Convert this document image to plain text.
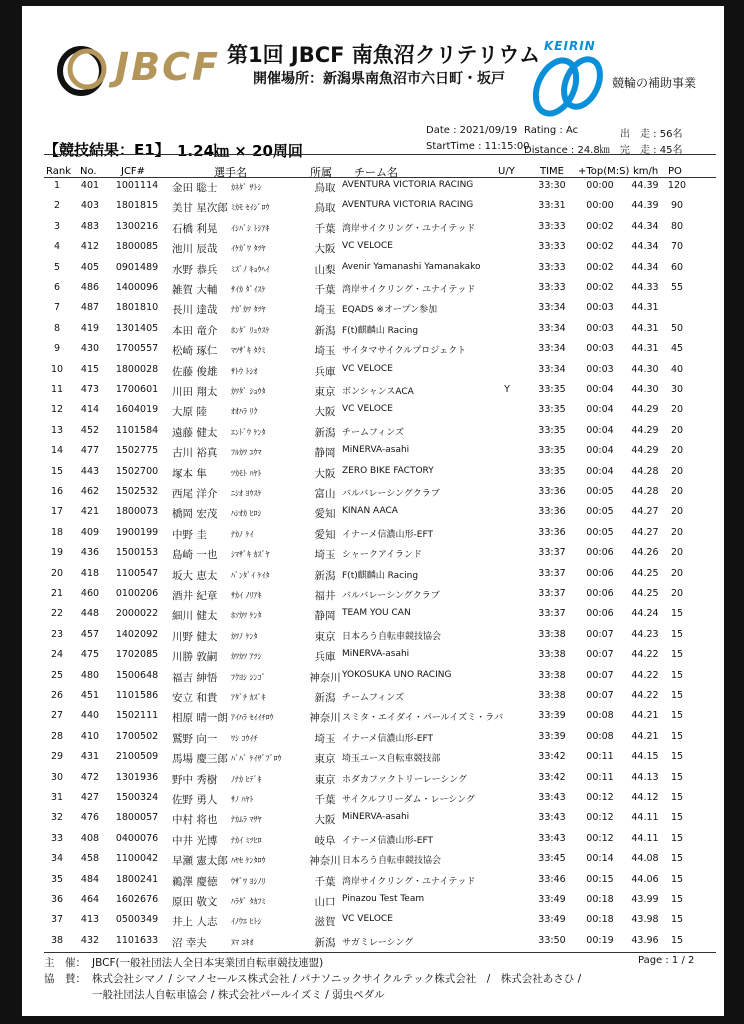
JBCF 第1回 JBCF 南魚沼クリテリウム
開催場所：新潟県南魚沼市六日町・坂戸
KEIRIN
競輪の補助事業
【競技結果：E1】 1.24㎞ × 20周回
Date : 2021/09/19 Rating : Ac
StartTime : 11:15:00
Distance : 24.8㎞
出　走 : 56名
完　走 : 45名
Rank No. JCF#	選手名	所属 チーム名	U/Y	TIME +Top(M:S) km/h PO
1	401	1001114 金田 聡士	ｶﾈﾀﾞ ｻﾄｼ	鳥取 AVENTURA VICTORIA RACING	33:30	00:00	44.39 120
2	403	1801815 美甘 星次郎 ﾐｶﾓ ｾｲｼﾞﾛｳ	鳥取 AVENTURA VICTORIA RACING	33:31	00:00	44.39	90
3	483	1300216 石橋 利晃	ｲｼﾊﾞｼ ﾄｼｱｷ	千葉 湾岸サイクリング・ユナイテッド	33:33	00:02	44.34	80
4	412	1800085 池川 辰哉	ｲｹｶﾞﾜ ﾀﾂﾔ	大阪 VC VELOCE	33:33	00:02	44.34	70
5	405	0901489 水野 恭兵	ﾐｽﾞﾉ ｷｮｳﾍｲ	山梨 Avenir Yamanashi Yamanakako	33:33	00:02	44.34	60
6	486	1400096 雑賀 大輔	ｻｲｶ ﾀﾞｲｽｹ	千葉 湾岸サイクリング・ユナイテッド	33:33	00:02	44.33	55
7	487	1801810 長川 達哉	ﾅｶﾞｶﾜ ﾀﾂﾔ	埼玉 EQADS ※オープン参加	33:34	00:03	44.31
8	419	1301405 本田 竜介	ﾎﾝﾀﾞ ﾘｭｳｽｹ	新潟 F(t)麒麟山 Racing	33:34	00:03	44.31	50
9	430	1700557 松崎 琢仁	ﾏﾂｻﾞｷ ﾀｸﾐ	埼玉 サイタマサイクルプロジェクト	33:34	00:03	44.31	45
10	415	1800028 佐藤 俊雄	ｻﾄｳ ﾄｼｵ	兵庫 VC VELOCE	33:34	00:03	44.30	40
11	473	1700601 川田 翔太	ｶﾜﾀﾞ ｼｮｳﾀ	東京 ボンシャンスACA	Y	33:35	00:04	44.30	30
12	414	1604019 大原 陸	ｵｵﾊﾗ ﾘｸ	大阪 VC VELOCE	33:35	00:04	44.29	20
13	452	1101584 遠藤 健太	ｴﾝﾄﾞｳ ｹﾝﾀ	新潟 チームフィンズ	33:35	00:04	44.29	20
14	477	1502775 古川 裕真	ﾌﾙｶﾜ ﾕｳﾏ	静岡 MiNERVA-asahi	33:35	00:04	44.29	20
15	443	1502700 塚本 隼	ﾂｶﾓﾄ ﾊﾔﾄ	大阪 ZERO BIKE FACTORY	33:35	00:04	44.28	20
16	462	1502532 西尾 洋介	ﾆｼｵ ﾖｳｽｹ	富山 バルバレーシングクラブ	33:36	00:05	44.28	20
17	421	1800073 橋岡 宏茂	ﾊｼｵｶ ﾋﾛｼ	愛知 KINAN AACA	33:36	00:05	44.27	20
18	409	1900199 中野 圭	ﾅｶﾉ ｹｲ	愛知 イナーメ信濃山形-EFT	33:36	00:05	44.27	20
19	436	1500153 島崎 一也	ｼﾏｻﾞｷ ｶｽﾞﾔ	埼玉 シャークアイランド	33:37	00:06	44.26	20
20	418	1100547 坂大 恵太	ﾊﾞﾝﾀﾞｲ ｹｲﾀ	新潟 F(t)麒麟山 Racing	33:37	00:06	44.25	20
21	460	0100206 酒井 紀章	ｻｶｲ ﾉﾘｱｷ	福井 バルバレーシングクラブ	33:37	00:06	44.25	20
22	448	2000022 細川 健太	ﾎｿｶﾜ ｹﾝﾀ	静岡 TEAM YOU CAN	33:37	00:06	44.24	15
23	457	1402092 川野 健太	ｶﾜﾉ ｹﾝﾀ	東京 日本ろう自転車競技協会	33:38	00:07	44.23	15
24	475	1702085 川勝 敦嗣	ｶﾜｶﾂ ｱﾂｼ	兵庫 MiNERVA-asahi	33:38	00:07	44.22	15
25	480	1500648 福吉 紳悟	ﾌｸﾖｼ ｼﾝｺﾞ	神奈川 YOKOSUKA UNO RACING	33:38	00:07	44.22	15
26	451	1101586 安立 和貴	ｱﾀﾞﾁ ｶｽﾞｷ	新潟 チームフィンズ	33:38	00:07	44.22	15
27	440	1502111 相原 晴一朗 ｱｲﾊﾗ ｾｲｲﾁﾛｳ	神奈川 スミタ・エイダイ・パールイズミ・ラバ	33:39	00:08	44.21	15
28	410	1700502 鷲野 向一	ﾜｼ ｺｳｲﾁ	埼玉 イナーメ信濃山形-EFT	33:39	00:08	44.21	15
29	431	2100509 馬場 慶三郎 ﾊﾞﾊﾞ ｹｲｻﾞﾌﾞﾛｳ	東京 埼玉ユース自転車競技部	33:42	00:11	44.15	15
30	472	1301936 野中 秀樹	ﾉﾅｶ ﾋﾃﾞｷ	東京 ホダカファクトリーレーシング	33:42	00:11	44.13	15
31	427	1500324 佐野 勇人	ｻﾉ ﾊﾔﾄ	千葉 サイクルフリーダム・レーシング	33:43	00:12	44.12	15
32	476	1800057 中村 将也	ﾅｶﾑﾗ ﾏｻﾔ	大阪 MiNERVA-asahi	33:43	00:12	44.11	15
33	408	0400076 中井 光博	ﾅｶｲ ﾐﾂﾋﾛ	岐阜 イナーメ信濃山形-EFT	33:43	00:12	44.11	15
34	458	1100042 早瀬 憲太郎 ﾊﾔｾ ｹﾝﾀﾛｳ	神奈川 日本ろう自転車競技協会	33:45	00:14	44.08	15
35	484	1800241 鵜澤 慶徳	ｳｻﾞﾜ ﾖｼﾉﾘ	千葉 湾岸サイクリング・ユナイテッド	33:46	00:15	44.06	15
36	464	1602676 原田 敬文	ﾊﾗﾀﾞ ﾀｶﾌﾐ	山口 Pinazou Test Team	33:49	00:18	43.99	15
37	413	0500349 井上 人志	ｲﾉｳｴ ﾋﾄｼ	滋賀 VC VELOCE	33:49	00:18	43.98	15
38	432	1101633 沼 幸夫	ﾇﾏ ﾕｷｵ	新潟 サガミレーシング	33:50	00:19	43.96	15
主　催： JBCF(一般社団法人全日本実業団自転車競技連盟)	Page : 1 / 2
協　賛： 株式会社シマノ / シマノセールス株式会社 / パナソニックサイクルテック株式会社　/　株式会社あさひ /
一般社団法人自転車協会 / 株式会社パールイズミ / 弱虫ペダル
